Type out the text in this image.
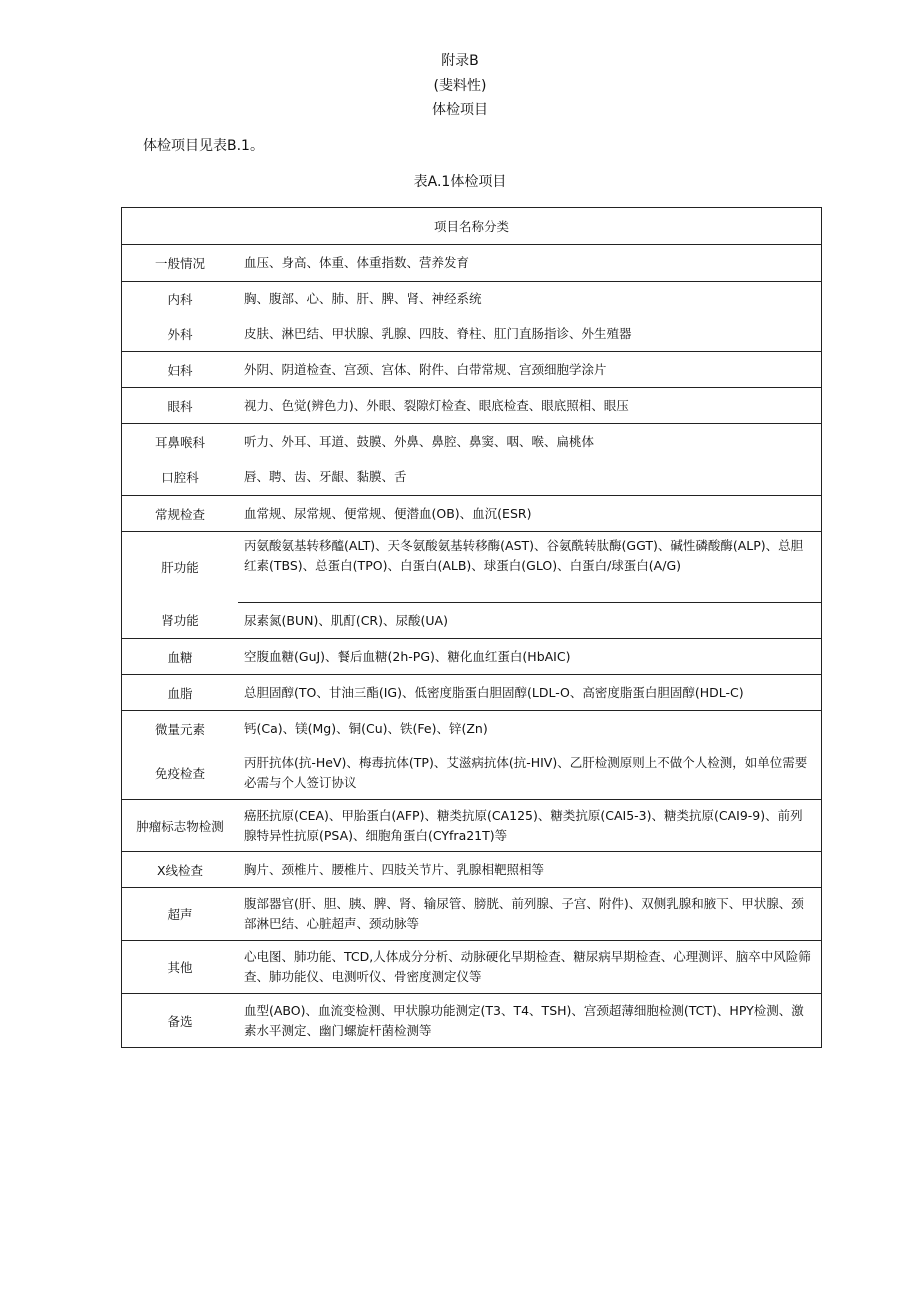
附录B
(斐料性)
体检项目
体检项目见表B.1。
表A.1体检项目
项目名称分类	
一般情况	血压、身高、体重、体重指数、营养发育
内科	胸、腹部、心、肺、肝、脾、肾、神经系统
外科	皮肤、淋巴结、甲状腺、乳腺、四肢、脊柱、肛门直肠指诊、外生殖器
妇科	外阴、阴道检查、宫颈、宫体、附件、白带常规、宫颈细胞学涂片
眼科	视力、色觉(辨色力)、外眼、裂隙灯检查、眼底检查、眼底照相、眼压
耳鼻喉科	听力、外耳、耳道、鼓膜、外鼻、鼻腔、鼻窦、咽、喉、扁桃体
口腔科	唇、聘、齿、牙龈、黏膜、舌
常规检查	血常规、尿常规、便常规、便潜血(OB)、血沉(ESR)
肝功能	丙氨酸氨基转移醯(ALT)、天冬氨酸氨基转移酶(AST)、谷氨酰转肽酶(GGT)、碱性磷酸酶(ALP)、总胆红素(TBS)、总蛋白(TPO)、白蛋白(ALB)、球蛋白(GLO)、白蛋白/球蛋白(A/G)
肾功能	尿素氮(BUN)、肌酊(CR)、尿酸(UA)
血糖	空腹血糖(GuJ)、餐后血糖(2h-PG)、糖化血红蛋白(HbAIC)
血脂	总胆固醇(TO、甘油三酯(IG)、低密度脂蛋白胆固醇(LDL-O、高密度脂蛋白胆固醇(HDL-C)
微量元素	钙(Ca)、镁(Mg)、铜(Cu)、铁(Fe)、锌(Zn)
免疫检查	丙肝抗体(抗-HeV)、梅毒抗体(TP)、艾滋病抗体(抗-HIV)、乙肝检测原则上不做个人检测，如单位需要必需与个人签订协议
肿瘤标志物检测	癌胚抗原(CEA)、甲胎蛋白(AFP)、糖类抗原(CA125)、糖类抗原(CAI5-3)、糖类抗原(CAI9-9)、前列腺特异性抗原(PSA)、细胞角蛋白(CYfra21T)等
X线检查	胸片、颈椎片、腰椎片、四肢关节片、乳腺相靶照相等
超声	腹部器官(肝、胆、胰、脾、肾、输尿管、膀胱、前列腺、子宫、附件)、双侧乳腺和腋下、甲状腺、颈部淋巴结、心脏超声、颈动脉等
其他	心电图、肺功能、TCD,人体成分分析、动脉硬化早期检查、糖尿病早期检查、心理测评、脑卒中风险筛查、肺功能仪、电测听仪、骨密度测定仪等
备选	血型(ABO)、血流变检测、甲状腺功能测定(T3、T4、TSH)、宫颈超薄细胞检测(TCT)、HPY检测、激素水平测定、幽门螺旋杆菌检测等
